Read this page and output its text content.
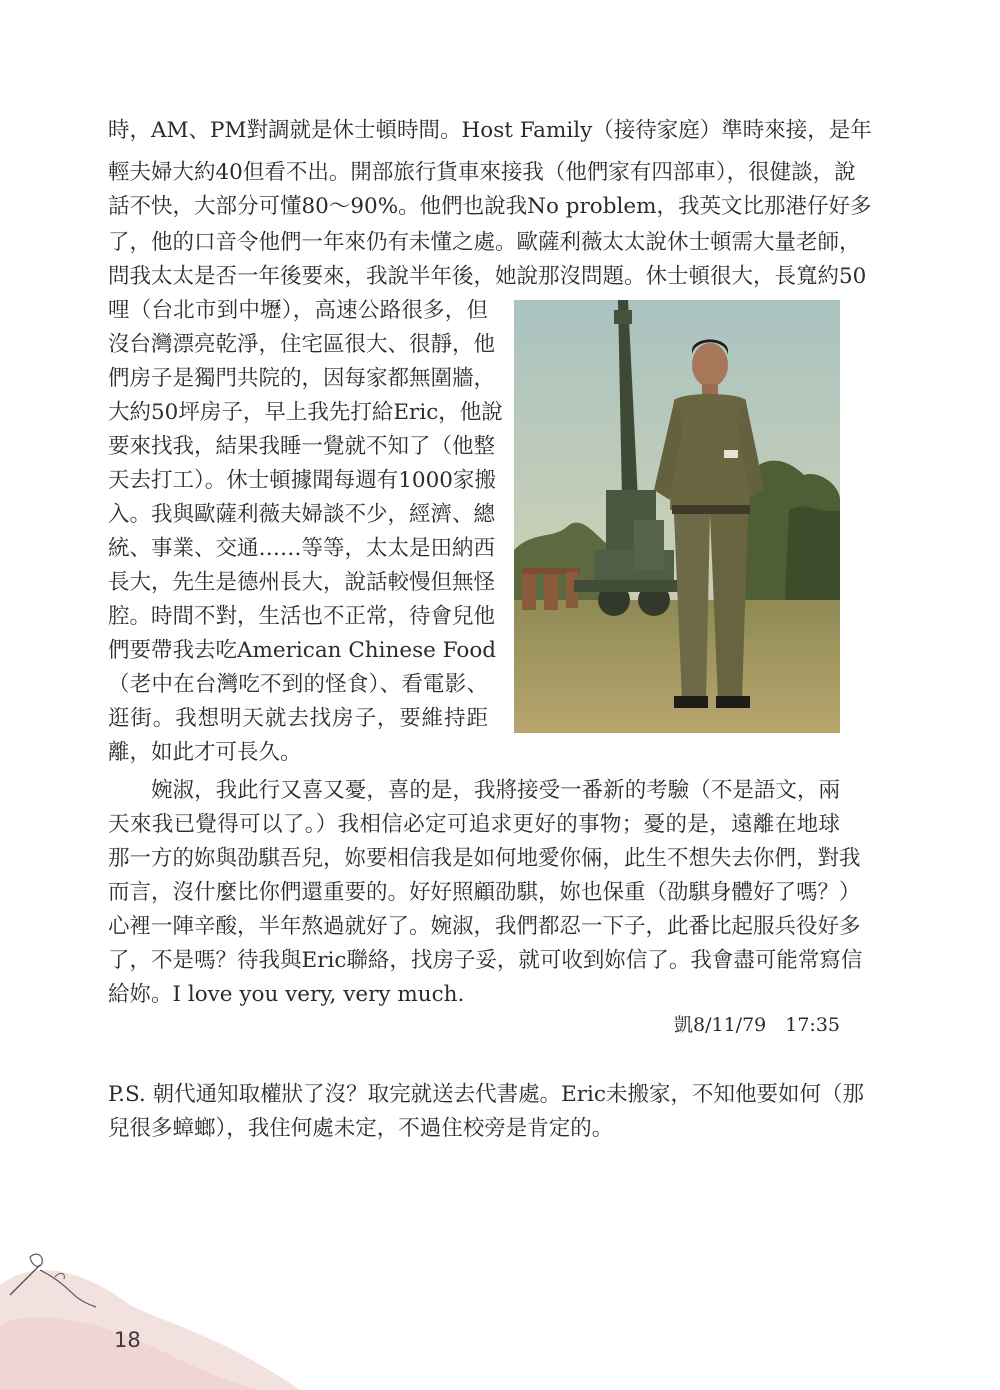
時，AM、PM對調就是休士頓時間。Host Family（接待家庭）準時來接，是年
輕夫婦大約40但看不出。開部旅行貨車來接我（他們家有四部車），很健談，說
話不快，大部分可懂80～90%。他們也說我No problem，我英文比那港仔好多
了，他的口音令他們一年來仍有未懂之處。歐薩利薇太太說休士頓需大量老師，
問我太太是否一年後要來，我說半年後，她說那沒問題。休士頓很大，長寬約50
哩（台北市到中壢），高速公路很多，但
沒台灣漂亮乾淨，住宅區很大、很靜，他
們房子是獨門共院的，因每家都無圍牆，
大約50坪房子，早上我先打給Eric，他說
要來找我，結果我睡一覺就不知了（他整
天去打工）。休士頓據聞每週有1000家搬
入。我與歐薩利薇夫婦談不少，經濟、總
統、事業、交通……等等，太太是田納西
長大，先生是德州長大，說話較慢但無怪
腔。時間不對，生活也不正常，待會兒他
們要帶我去吃American Chinese Food
（老中在台灣吃不到的怪食）、看電影、
逛街。我想明天就去找房子，要維持距
離，如此才可長久。
婉淑，我此行又喜又憂，喜的是，我將接受一番新的考驗（不是語文，兩
天來我已覺得可以了。）我相信必定可追求更好的事物；憂的是，遠離在地球
那一方的妳與劭騏吾兒，妳要相信我是如何地愛你倆，此生不想失去你們，對我
而言，沒什麼比你們還重要的。好好照顧劭騏，妳也保重（劭騏身體好了嗎？）
心裡一陣辛酸，半年熬過就好了。婉淑，我們都忍一下子，此番比起服兵役好多
了，不是嗎？待我與Eric聯絡，找房子妥，就可收到妳信了。我會盡可能常寫信
給妳。I love you very, very much.
凱8/11/79　17:35
P.S. 朝代通知取權狀了沒？取完就送去代書處。Eric未搬家，不知他要如何（那
兒很多蟑螂），我住何處未定，不過住校旁是肯定的。
18
